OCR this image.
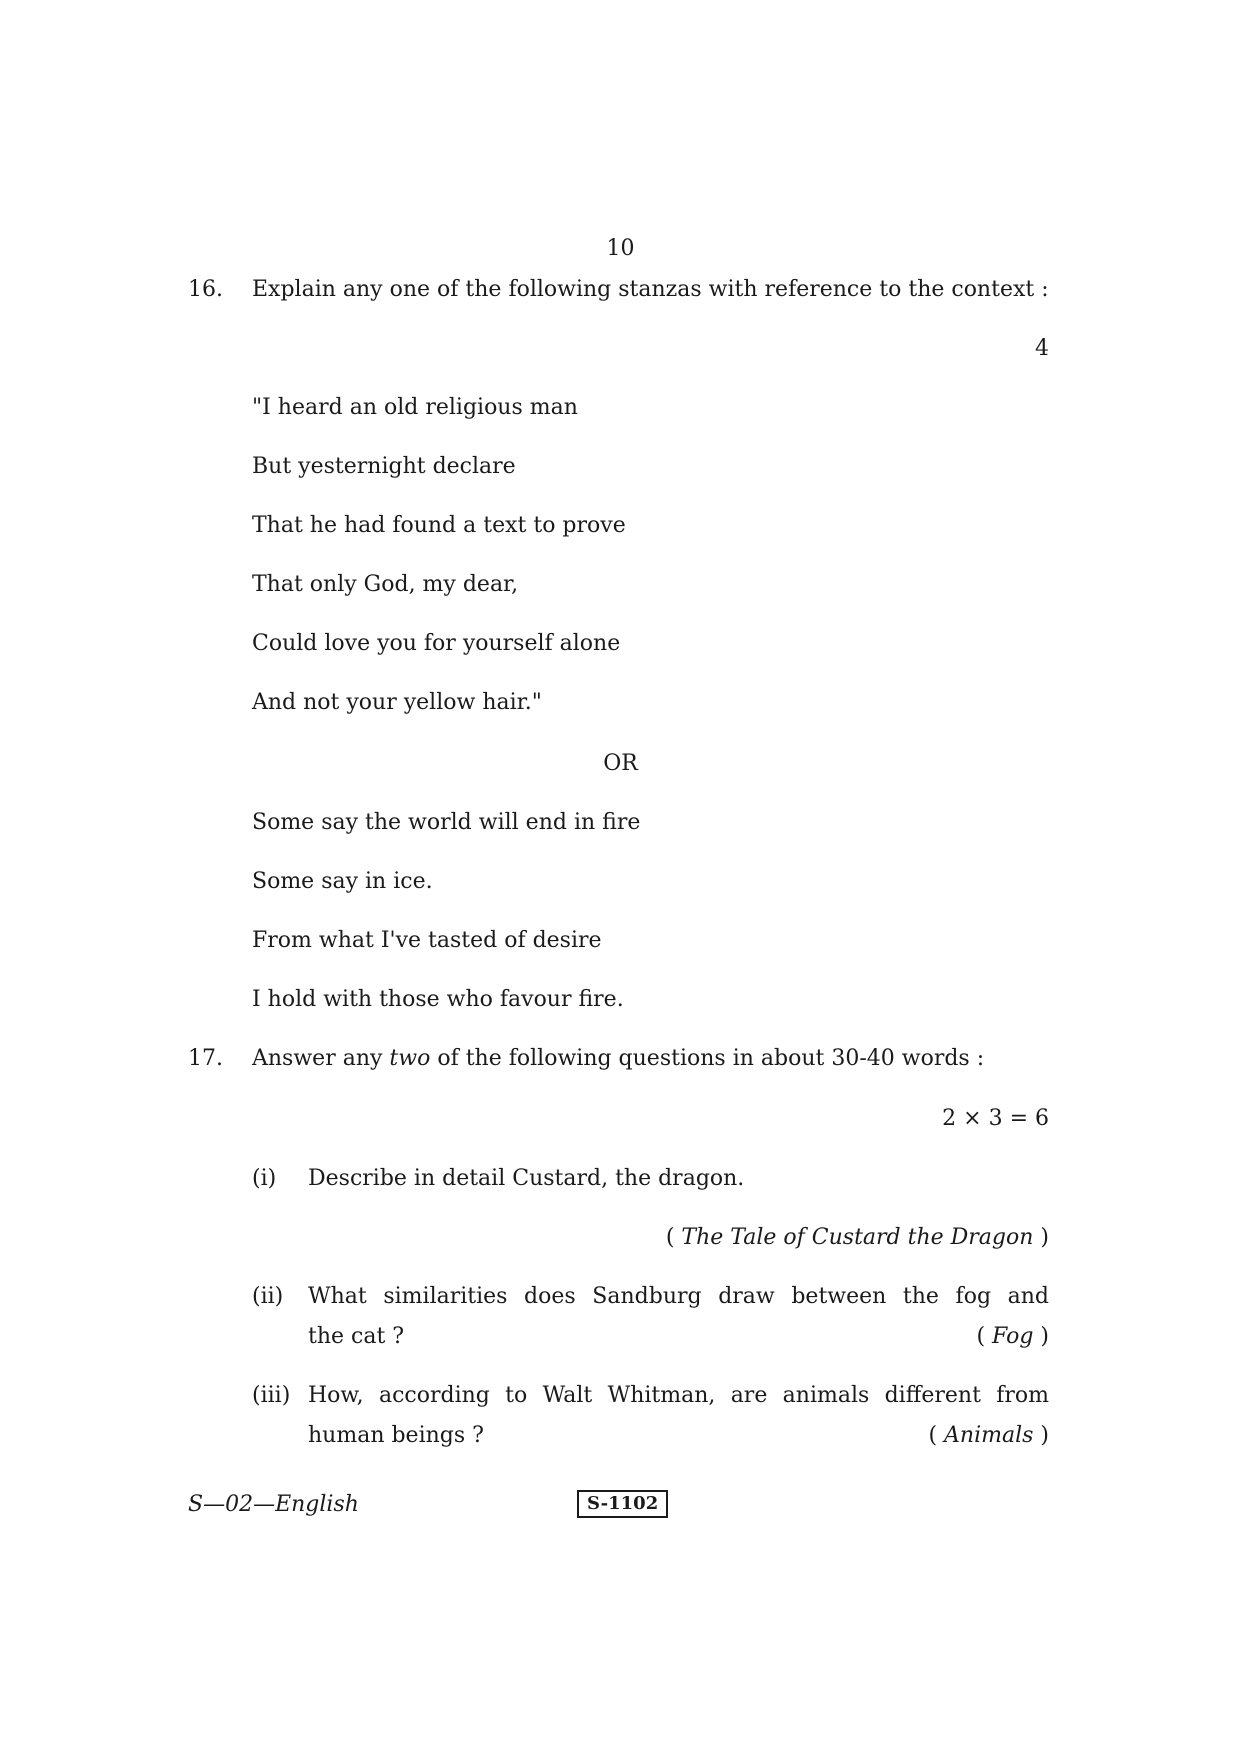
10
16. Explain any one of the following stanzas with reference to the context :
4
"I heard an old religious man
But yesternight declare
That he had found a text to prove
That only God, my dear,
Could love you for yourself alone
And not your yellow hair."
OR
Some say the world will end in fire
Some say in ice.
From what I've tasted of desire
I hold with those who favour fire.
17. Answer any two of the following questions in about 30-40 words :
2 × 3 = 6
(i) Describe in detail Custard, the dragon.
( The Tale of Custard the Dragon )
(ii) What similarities does Sandburg draw between the fog and
the cat ?	( Fog )
(iii) How, according to Walt Whitman, are animals different from
human beings ?	( Animals )
S—02—English	S-1102
